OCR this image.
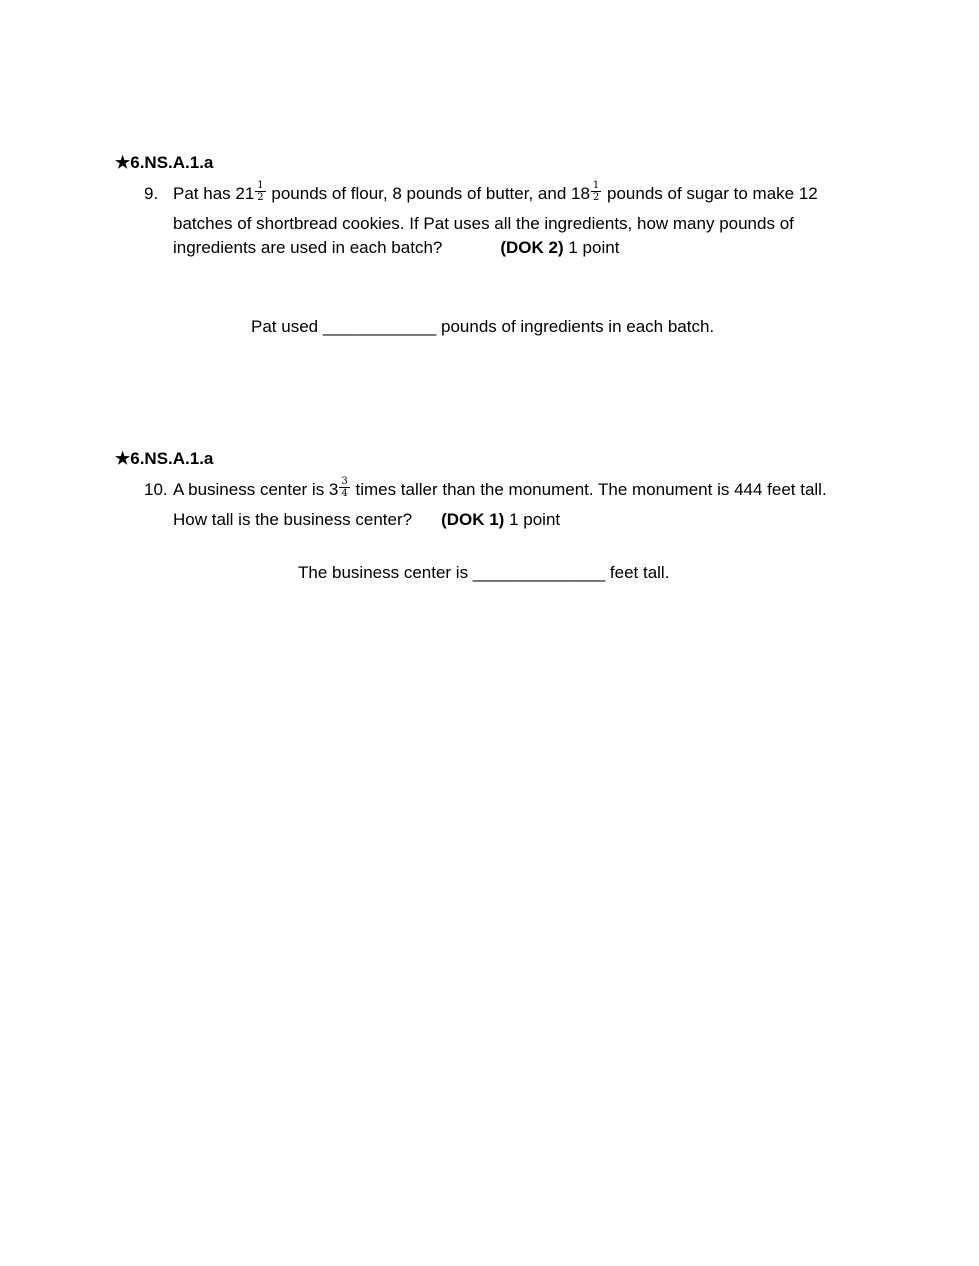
★6.NS.A.1.a
9. Pat has $21 \frac{1}{2}$ pounds of flour, 8 pounds of butter, and $18 \frac{1}{2}$ pounds of sugar to make 12
batches of shortbread cookies. If Pat uses all the ingredients, how many pounds of
ingredients are used in each batch?	(DOK 2) 1 point
Pat used ____________ pounds of ingredients in each batch.
★6.NS.A.1.a
10. A business center is $3 \frac{3}{4}$ times taller than the monument. The monument is 444 feet tall.
How tall is the business center? (DOK 1) 1 point
The business center is ______________ feet tall.
